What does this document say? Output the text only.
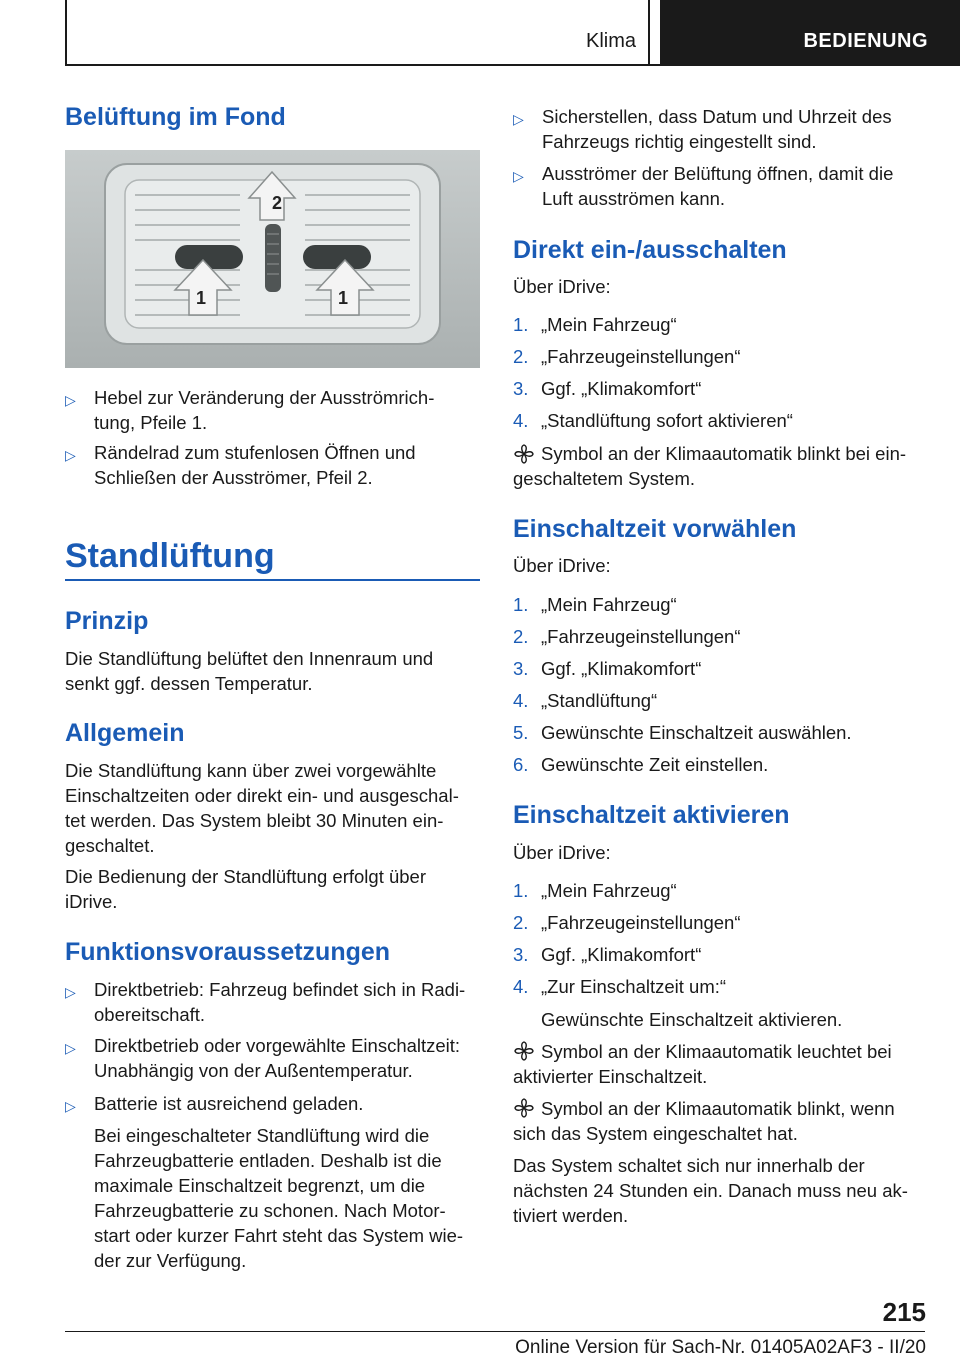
Klima	BEDIENUNG
Belüftung im Fond
2
1	1
▷ Hebel zur Veränderung der Ausströmrich-
tung, Pfeile 1.
▷ Rändelrad zum stufenlosen Öffnen und
Schließen der Ausströmer, Pfeil 2.
Standlüftung
Prinzip
Die Standlüftung belüftet den Innenraum und
senkt ggf. dessen Temperatur.
Allgemein
Die Standlüftung kann über zwei vorgewählte
Einschaltzeiten oder direkt ein- und ausgeschal-
tet werden. Das System bleibt 30 Minuten ein-
geschaltet.
Die Bedienung der Standlüftung erfolgt über
iDrive.
Funktionsvoraussetzungen
▷ Direktbetrieb: Fahrzeug befindet sich in Radi-
obereitschaft.
▷ Direktbetrieb oder vorgewählte Einschaltzeit:
Unabhängig von der Außentemperatur.
▷ Batterie ist ausreichend geladen.
Bei eingeschalteter Standlüftung wird die
Fahrzeugbatterie entladen. Deshalb ist die
maximale Einschaltzeit begrenzt, um die
Fahrzeugbatterie zu schonen. Nach Motor-
start oder kurzer Fahrt steht das System wie-
der zur Verfügung.
▷ Sicherstellen, dass Datum und Uhrzeit des
Fahrzeugs richtig eingestellt sind.
▷ Ausströmer der Belüftung öffnen, damit die
Luft ausströmen kann.
Direkt ein-/ausschalten
Über iDrive:
1. „Mein Fahrzeug“
2. „Fahrzeugeinstellungen“
3. Ggf. „Klimakomfort“
4. „Standlüftung sofort aktivieren“
Symbol an der Klimaautomatik blinkt bei ein-
geschaltetem System.
Einschaltzeit vorwählen
Über iDrive:
1. „Mein Fahrzeug“
2. „Fahrzeugeinstellungen“
3. Ggf. „Klimakomfort“
4. „Standlüftung“
5. Gewünschte Einschaltzeit auswählen.
6. Gewünschte Zeit einstellen.
Einschaltzeit aktivieren
Über iDrive:
1. „Mein Fahrzeug“
2. „Fahrzeugeinstellungen“
3. Ggf. „Klimakomfort“
4. „Zur Einschaltzeit um:“
Gewünschte Einschaltzeit aktivieren.
Symbol an der Klimaautomatik leuchtet bei
aktivierter Einschaltzeit.
Symbol an der Klimaautomatik blinkt, wenn
sich das System eingeschaltet hat.
Das System schaltet sich nur innerhalb der
nächsten 24 Stunden ein. Danach muss neu ak-
tiviert werden.
215
Online Version für Sach-Nr. 01405A02AF3 - II/20
